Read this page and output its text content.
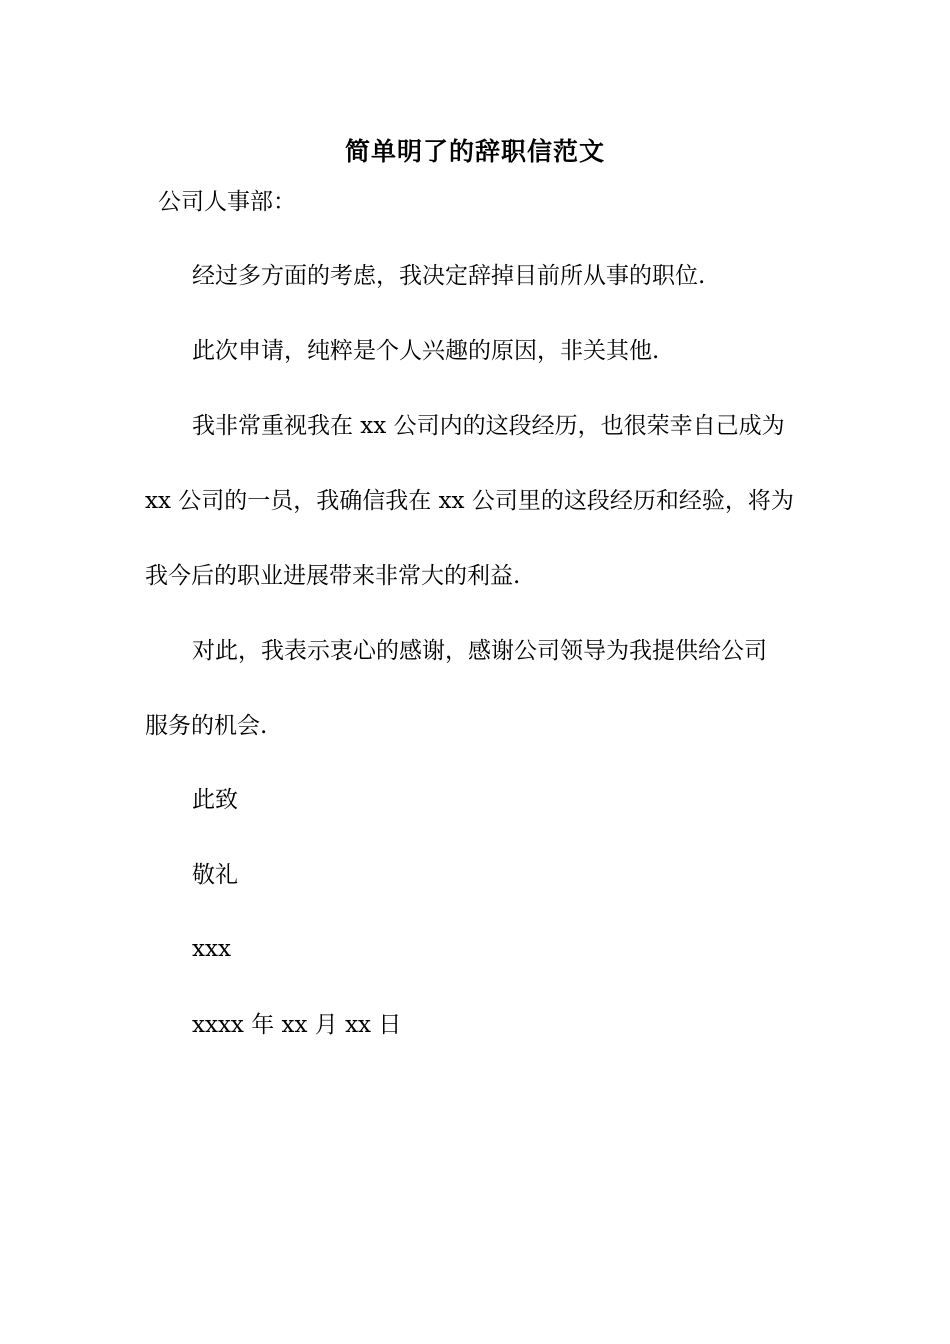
简单明了的辞职信范文
公司人事部：
经过多方面的考虑，我决定辞掉目前所从事的职位.
此次申请，纯粹是个人兴趣的原因，非关其他.
我非常重视我在 xx 公司内的这段经历，也很荣幸自己成为
xx 公司的一员，我确信我在 xx 公司里的这段经历和经验，将为
我今后的职业进展带来非常大的利益.
对此，我表示衷心的感谢，感谢公司领导为我提供给公司
服务的机会.
此致
敬礼
xxx
xxxx 年 xx 月 xx 日
